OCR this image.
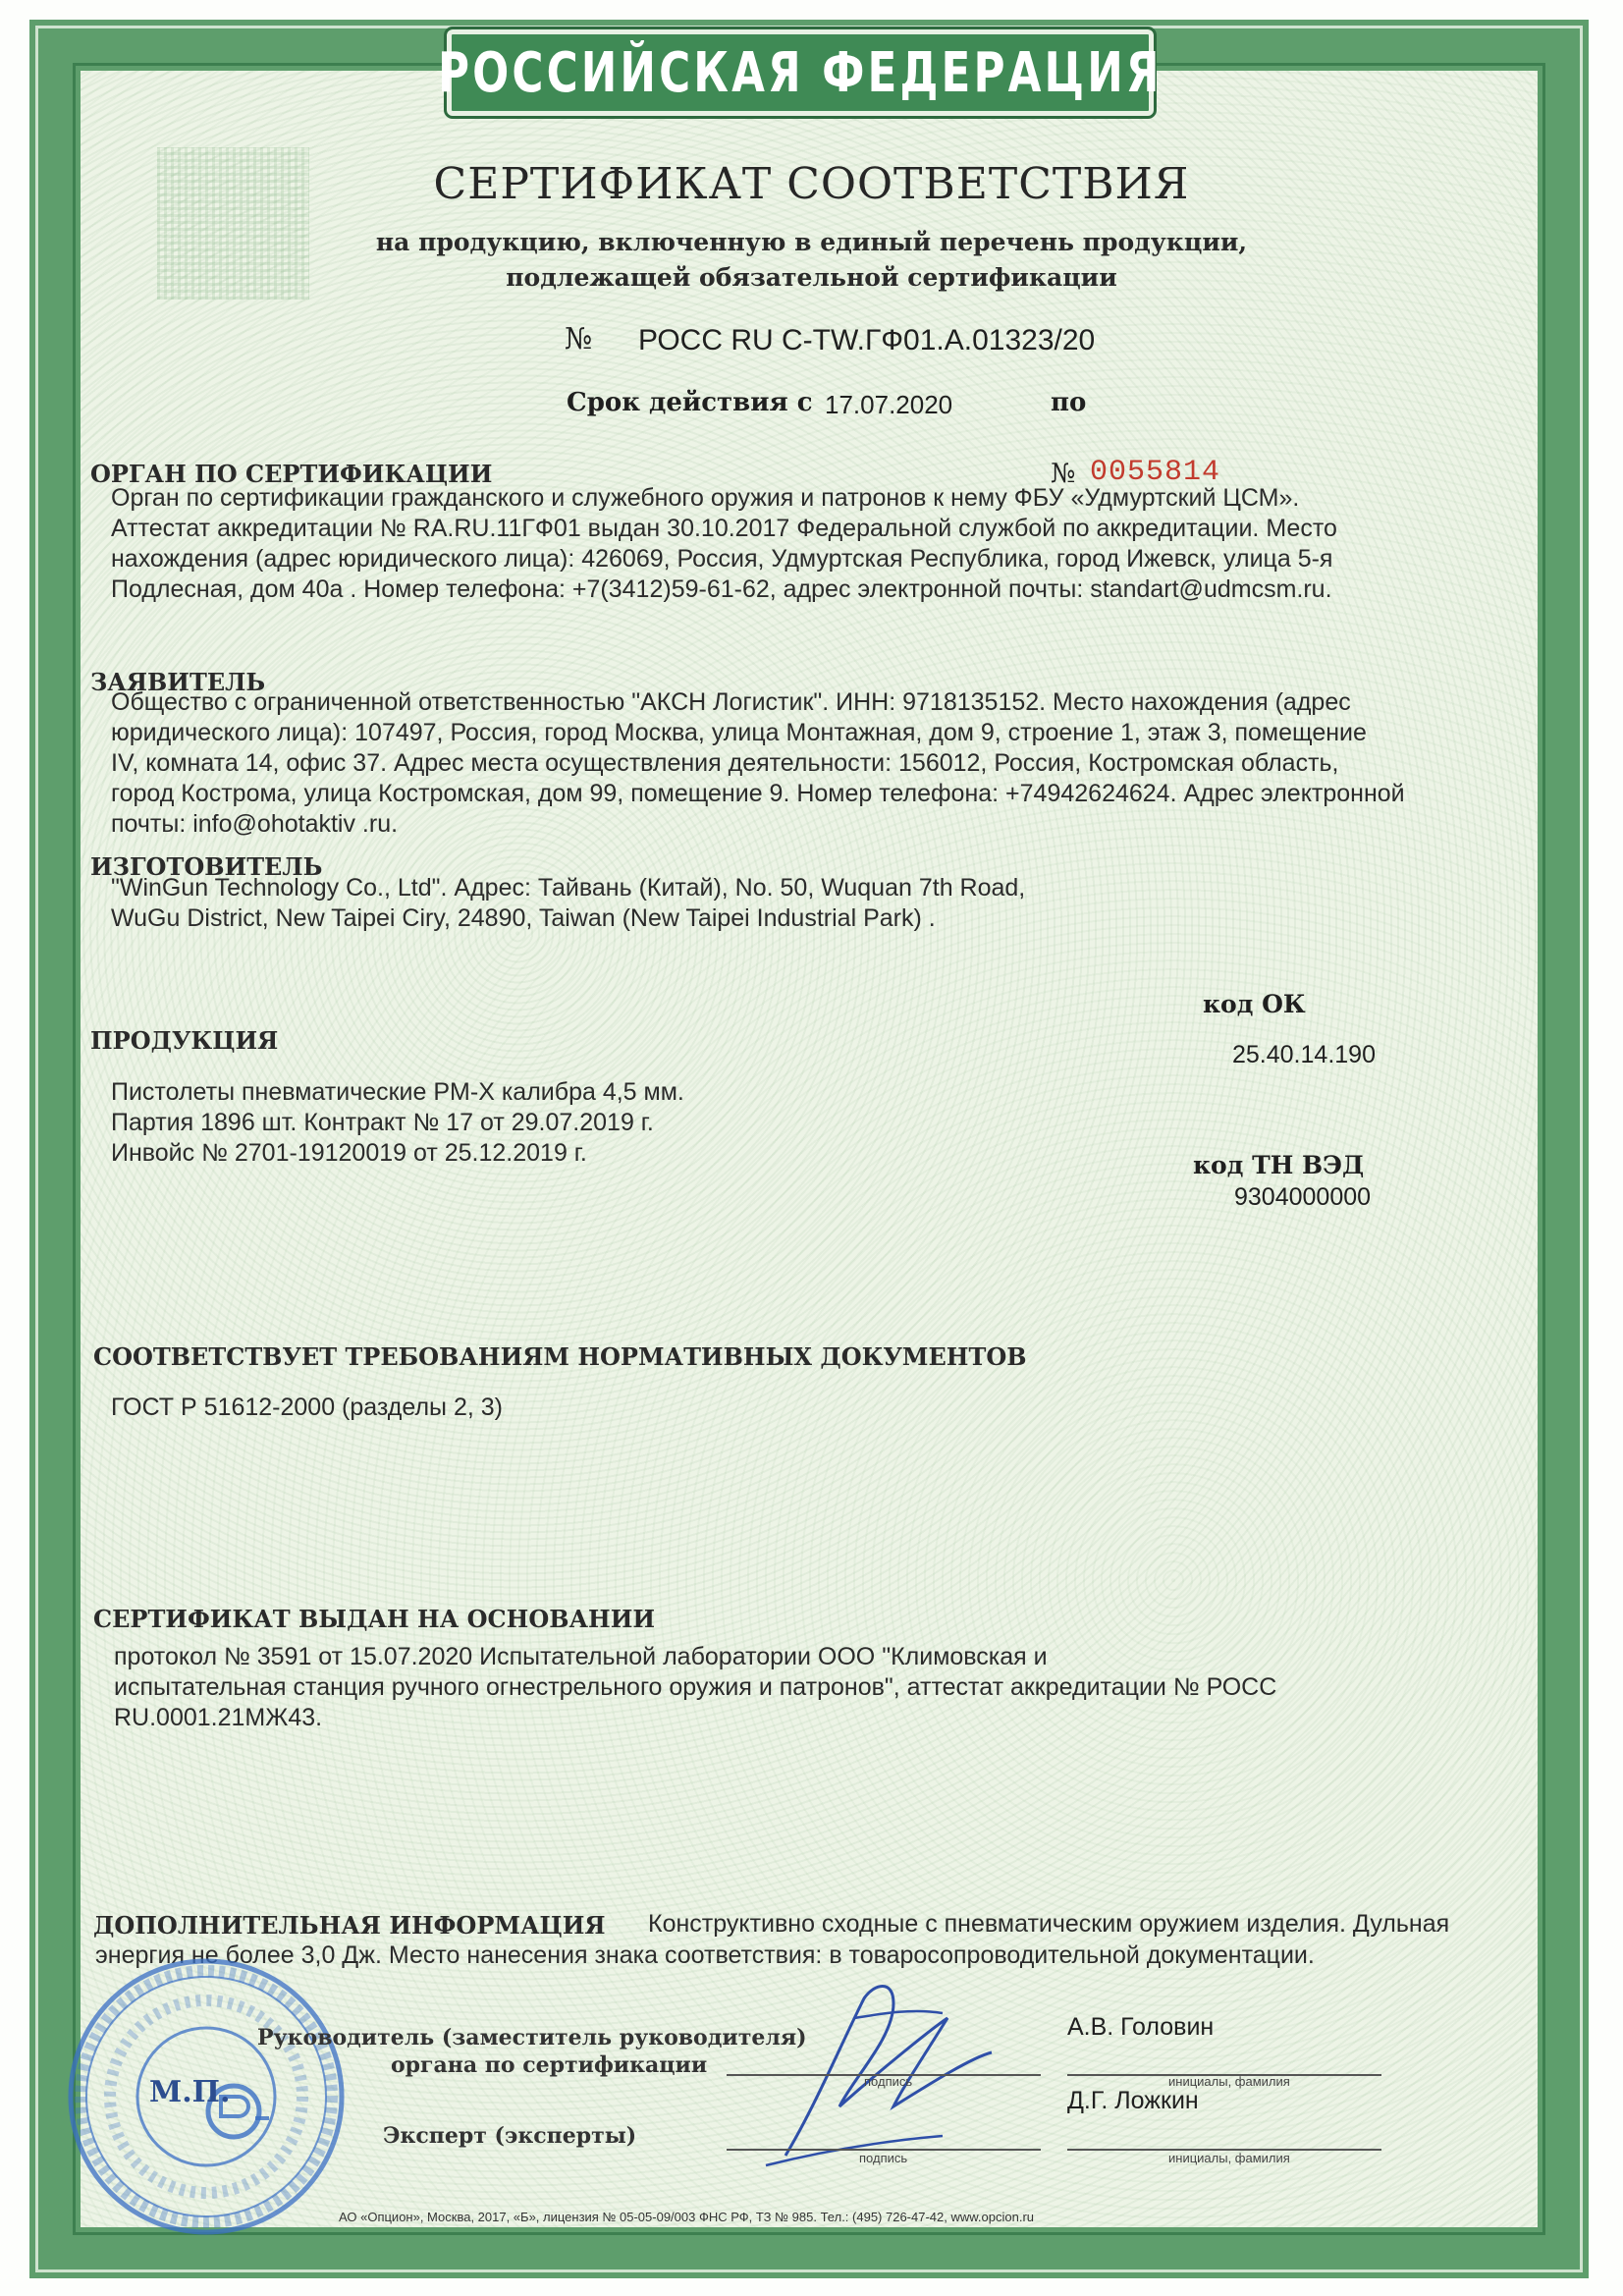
РОССИЙСКАЯ ФЕДЕРАЦИЯ
СЕРТИФИКАТ СООТВЕТСТВИЯ
на продукцию, включенную в единый перечень продукции,
подлежащей обязательной сертификации
№ РОСС RU C-TW.ГФ01.А.01323/20
Срок действия с 17.07.2020	по
№ 0055814
ОРГАН ПО СЕРТИФИКАЦИИ
Орган по сертификации гражданского и служебного оружия и патронов к нему ФБУ «Удмуртский ЦСМ».
Аттестат аккредитации № RA.RU.11ГФ01 выдан 30.10.2017 Федеральной службой по аккредитации. Место
нахождения (адрес юридического лица): 426069, Россия, Удмуртская Республика, город Ижевск, улица 5-я
Подлесная, дом 40а . Номер телефона: +7(3412)59-61-62, адрес электронной почты: standart@udmcsm.ru.
ЗАЯВИТЕЛЬ
Общество с ограниченной ответственностью "АКСН Логистик". ИНН: 9718135152. Место нахождения (адрес
юридического лица): 107497, Россия, город Москва, улица Монтажная, дом 9, строение 1, этаж 3, помещение
IV, комната 14, офис 37. Адрес места осуществления деятельности: 156012, Россия, Костромская область,
город Кострома, улица Костромская, дом 99, помещение 9. Номер телефона: +74942624624. Адрес электронной
почты: info@ohotaktiv .ru.
ИЗГОТОВИТЕЛЬ
"WinGun Technology Co., Ltd". Адрес: Тайвань (Китай), No. 50, Wuquan 7th Road,
WuGu District, New Taipei Ciry, 24890, Taiwan (New Taipei Industrial Park) .
ПРОДУКЦИЯ
Пистолеты пневматические PM-X калибра 4,5 мм.
Партия 1896 шт. Контракт № 17 от 29.07.2019 г.
Инвойс № 2701-19120019 от 25.12.2019 г.
код ОК
25.40.14.190
код ТН ВЭД
9304000000
СООТВЕТСТВУЕТ ТРЕБОВАНИЯМ НОРМАТИВНЫХ ДОКУМЕНТОВ
ГОСТ Р 51612-2000 (разделы 2, 3)
СЕРТИФИКАТ ВЫДАН НА ОСНОВАНИИ
протокол № 3591 от 15.07.2020 Испытательной лаборатории ООО "Климовская и
испытательная станция ручного огнестрельного оружия и патронов", аттестат аккредитации № РОСС
RU.0001.21МЖ43.
ДОПОЛНИТЕЛЬНАЯ ИНФОРМАЦИЯ Конструктивно сходные с пневматическим оружием изделия. Дульная
энергия не более 3,0 Дж. Место нанесения знака соответствия: в товаросопроводительной документации.
М.П.
Руководитель (заместитель руководителя)
органа по сертификации
подпись
А.В. Головин
инициалы, фамилия
Эксперт (эксперты)
подпись
Д.Г. Ложкин
инициалы, фамилия
АО «Опцион», Москва, 2017, «Б», лицензия № 05-05-09/003 ФНС РФ, ТЗ № 985. Тел.: (495) 726-47-42, www.opcion.ru
